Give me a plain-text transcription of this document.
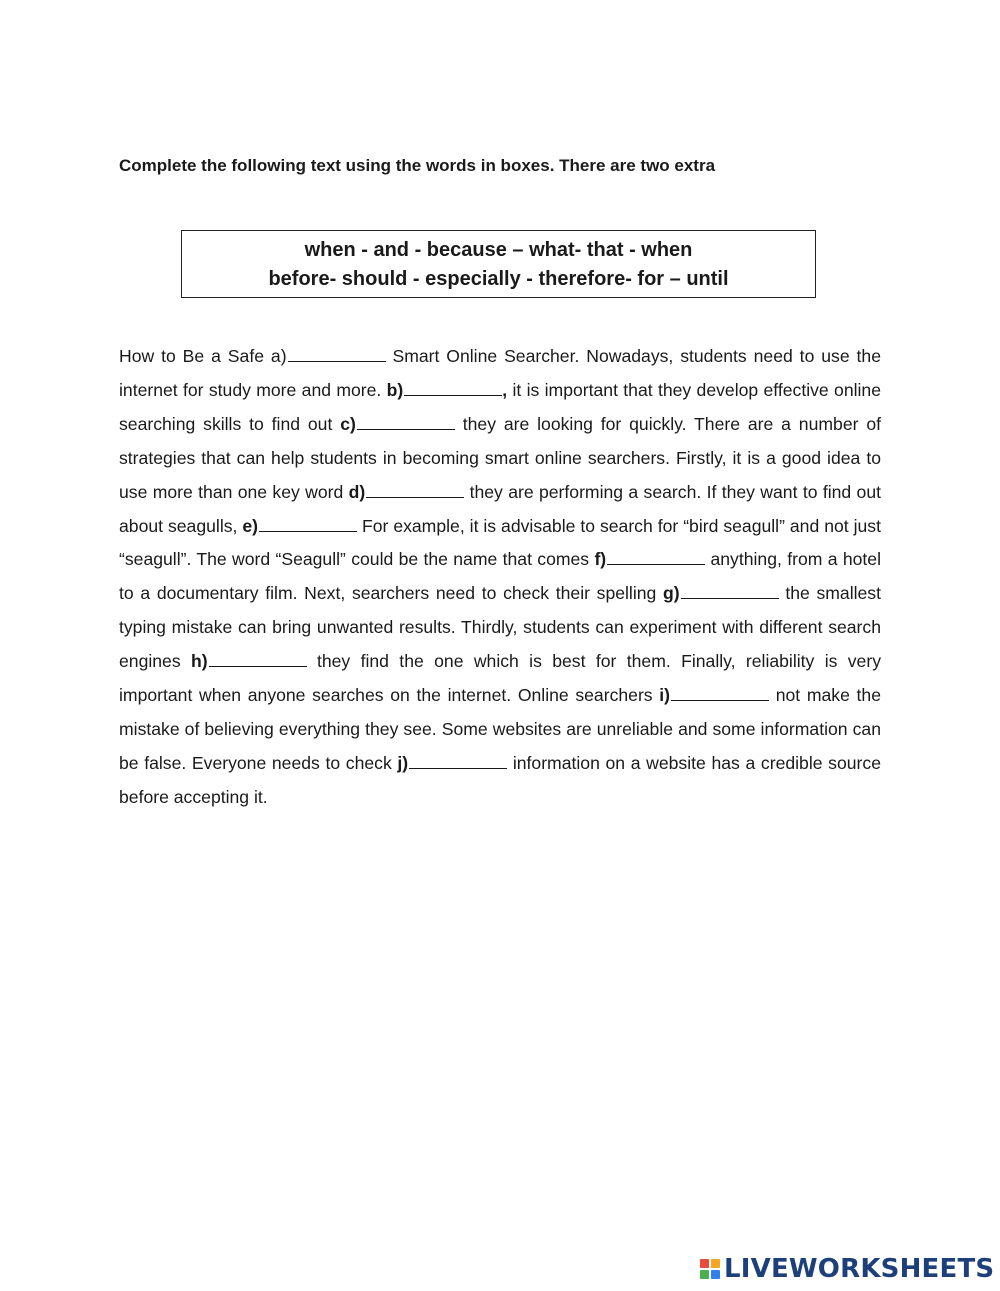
Complete the following text using the words in boxes. There are two extra
when - and - because – what- that - when
before- should - especially - therefore- for – until
How to Be a Safe a)	Smart Online Searcher. Nowadays, students need to use the internet for study more and more. b)	, it is important that they develop effective online searching skills to find out c)	they are looking for quickly. There are a number of strategies that can help students in becoming smart online searchers. Firstly, it is a good idea to use more than one key word d)	they are performing a search. If they want to find out about seagulls, e)	For example, it is advisable to search for “bird seagull” and not just “seagull”. The word “Seagull” could be the name that comes f)	anything, from a hotel to a documentary film. Next, searchers need to check their spelling g)	the smallest typing mistake can bring unwanted results. Thirdly, students can experiment with different search engines h)	they find the one which is best for them. Finally, reliability is very important when anyone searches on the internet. Online searchers i)	not make the mistake of believing everything they see. Some websites are unreliable and some information can be false. Everyone needs to check j)	information on a website has a credible source before accepting it.
LIVEWORKSHEETS
